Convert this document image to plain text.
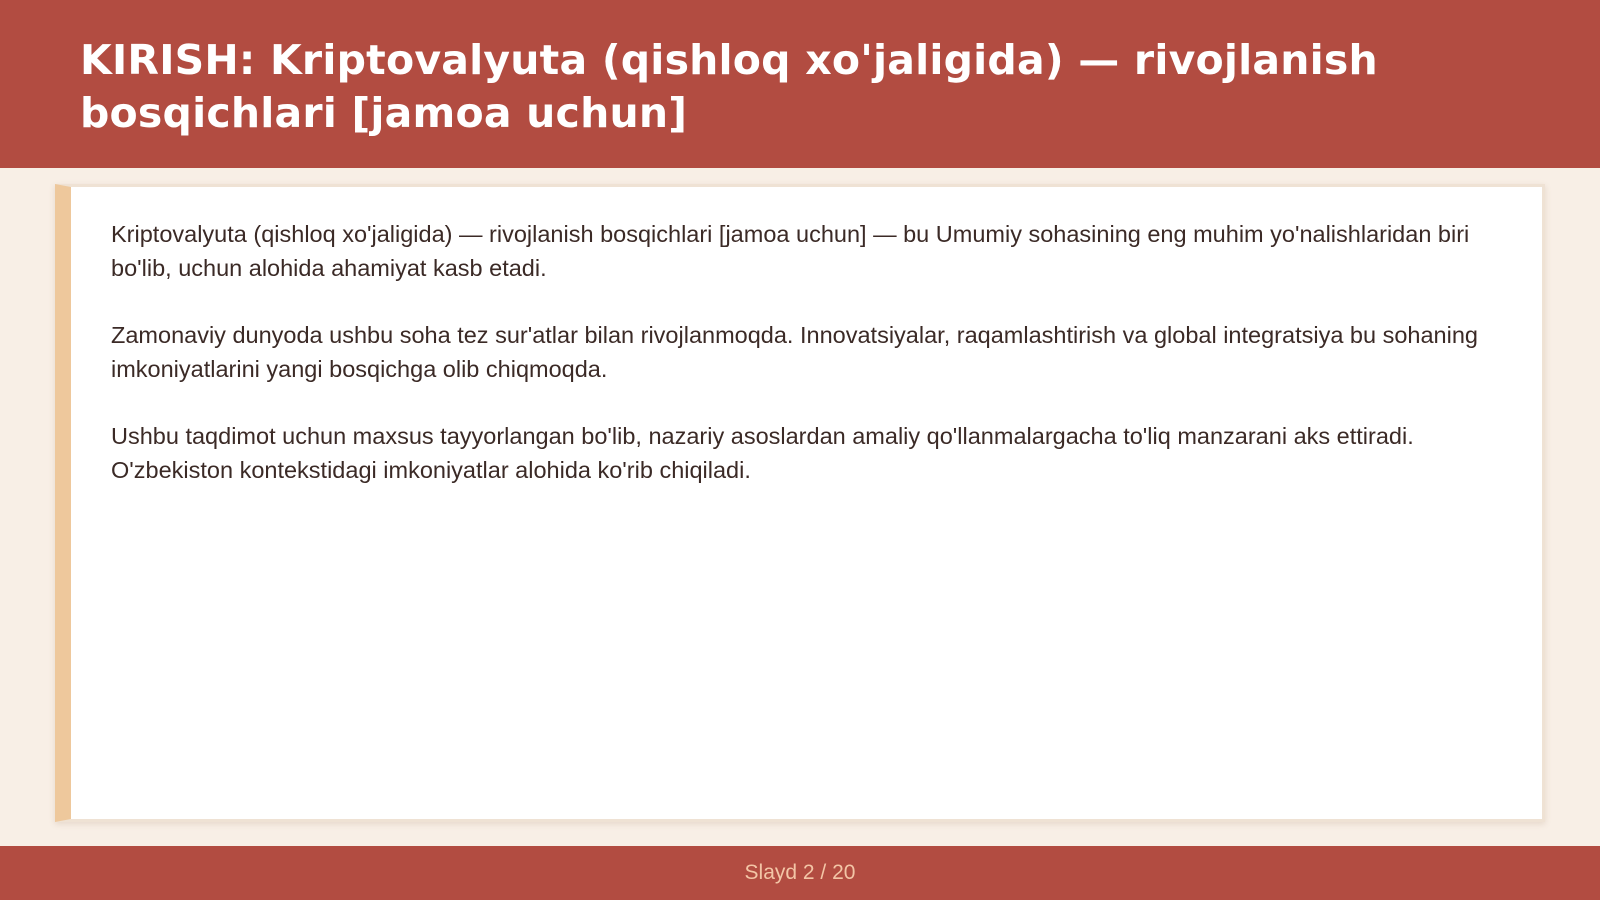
KIRISH: Kriptovalyuta (qishloq xo'jaligida) — rivojlanish bosqichlari [jamoa uchun]

Kriptovalyuta (qishloq xo'jaligida) — rivojlanish bosqichlari [jamoa uchun] — bu Umumiy sohasining eng muhim yo'nalishlaridan biri bo'lib, uchun alohida ahamiyat kasb etadi.

Zamonaviy dunyoda ushbu soha tez sur'atlar bilan rivojlanmoqda. Innovatsiyalar, raqamlashtirish va global integratsiya bu sohaning imkoniyatlarini yangi bosqichga olib chiqmoqda.

Ushbu taqdimot uchun maxsus tayyorlangan bo'lib, nazariy asoslardan amaliy qo'llanmalargacha to'liq manzarani aks ettiradi. O'zbekiston kontekstidagi imkoniyatlar alohida ko'rib chiqiladi.

Slayd 2 / 20
